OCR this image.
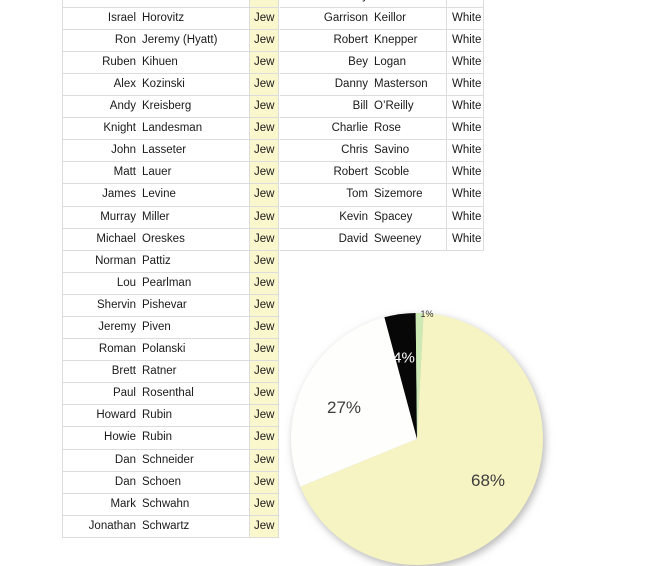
Israel Horovitz	Jew
Ron Jeremy (Hyatt)	Jew
Ruben Kihuen	Jew
Alex Kozinski	Jew
Andy Kreisberg	Jew
Knight Landesman	Jew
John Lasseter	Jew
Matt Lauer	Jew
James Levine	Jew
Murray Miller	Jew
Michael Oreskes	Jew
Norman Pattiz	Jew
Lou Pearlman	Jew
Shervin Pishevar	Jew
Jeremy Piven	Jew
Roman Polanski	Jew
Brett Ratner	Jew
Paul Rosenthal	Jew
Howard Rubin	Jew
Howie Rubin	Jew
Dan Schneider	Jew
Dan Schoen	Jew
Mark Schwahn	Jew
Jonathan Schwartz	Jew
Garrison Keillor	White
Robert Knepper	White
Bey Logan	White
Danny Masterson	White
Bill O’Reilly	White
Charlie Rose	White
Chris Savino	White
Robert Scoble	White
Tom Sizemore	White
Kevin Spacey	White
David Sweeney	White
68%
27%
4%
1%
